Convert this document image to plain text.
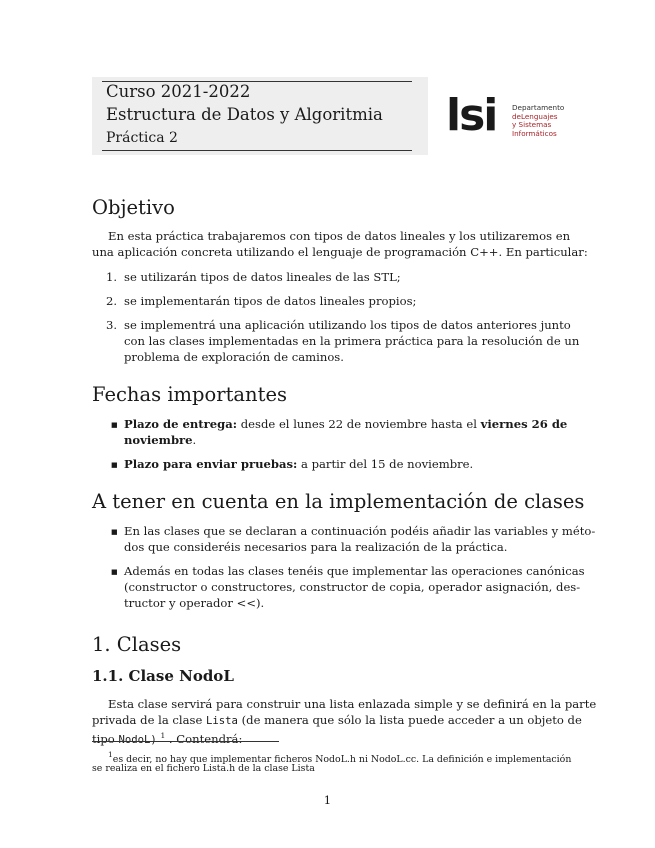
Curso 2021-2022
Estructura de Datos y Algoritmia
Práctica 2	lsi Departamento
deLenguajes
y Sistemas
Informáticos
Objetivo
En esta práctica trabajaremos con tipos de datos lineales y los utilizaremos en
una aplicación concreta utilizando el lenguaje de programación C++. En particular:
1. se utilizarán tipos de datos lineales de las STL;
2. se implementarán tipos de datos lineales propios;
3. se implementrá una aplicación utilizando los tipos de datos anteriores junto
con las clases implementadas en la primera práctica para la resolución de un
problema de exploración de caminos.
Fechas importantes
■ Plazo de entrega: desde el lunes 22 de noviembre hasta el viernes 26 de
noviembre.
■ Plazo para enviar pruebas: a partir del 15 de noviembre.
A tener en cuenta en la implementación de clases
■ En las clases que se declaran a continuación podéis añadir las variables y méto-
dos que consideréis necesarios para la realización de la práctica.
■ Además en todas las clases tenéis que implementar las operaciones canónicas
(constructor o constructores, constructor de copia, operador asignación, des-
tructor y operador <<).
1. Clases
1.1. Clase NodoL
Esta clase servirá para construir una lista enlazada simple y se definirá en la parte
privada de la clase Lista (de manera que sólo la lista puede acceder a un objeto de
tipo NodoL) $^1$ . Contendrá:
$^1$es decir, no hay que implementar ficheros NodoL.h ni NodoL.cc. La definición e implementación
se realiza en el fichero Lista.h de la clase Lista
1
